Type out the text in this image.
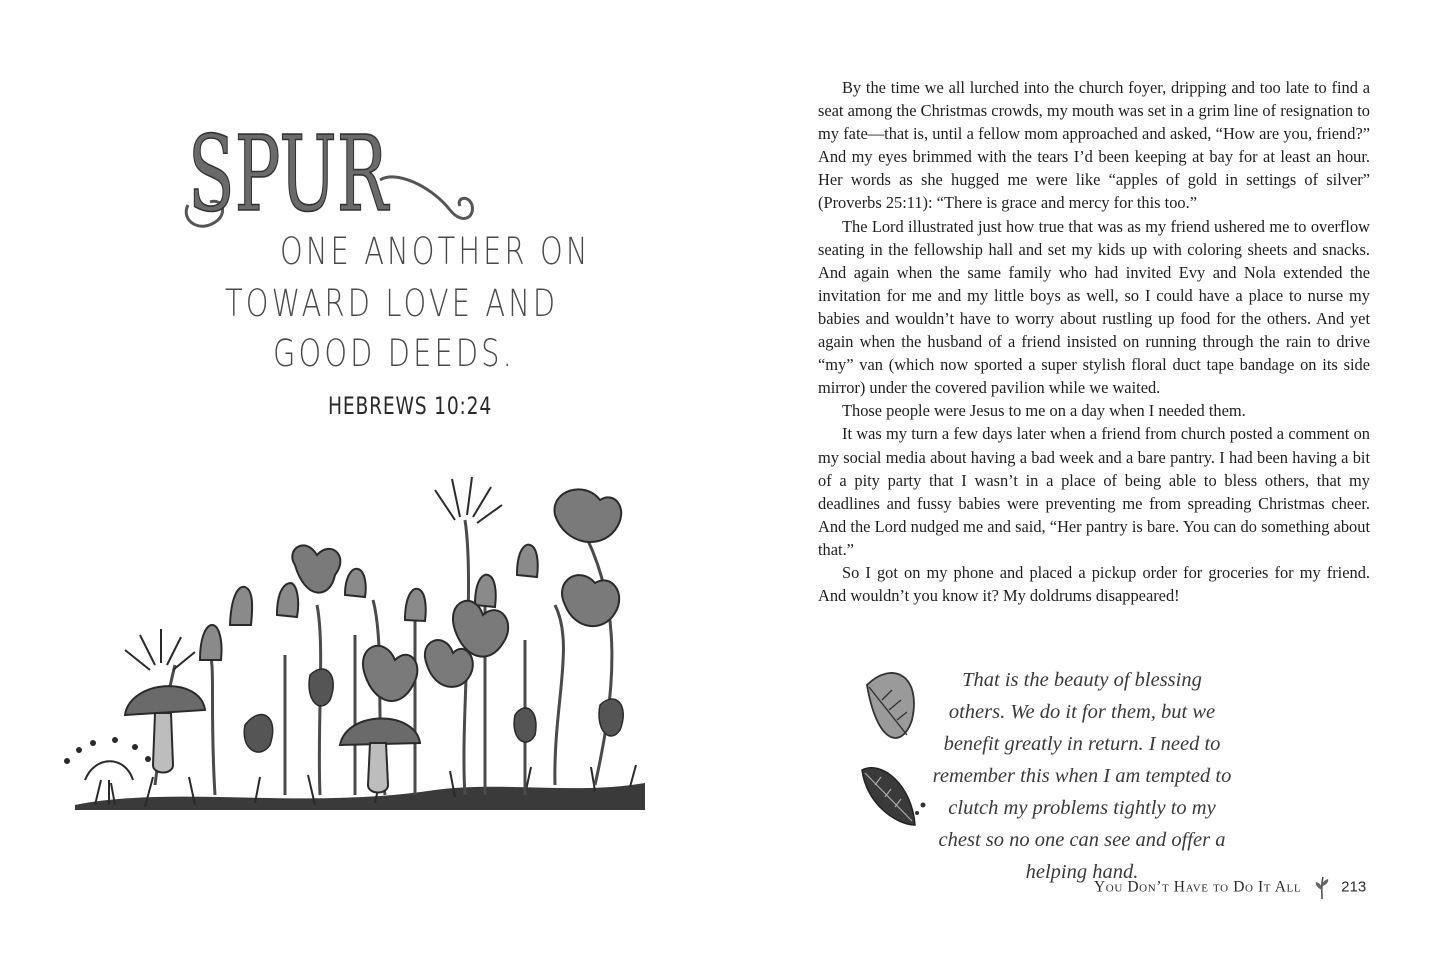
SPUR

ONE ANOTHER ON

TOWARD LOVE AND

GOOD DEEDS.

HEBREWS 10:24

By the time we all lurched into the church foyer, dripping and too late to find a seat among the Christmas crowds, my mouth was set in a grim line of resignation to my fate—that is, until a fellow mom approached and asked, “How are you, friend?” And my eyes brimmed with the tears I’d been keeping at bay for at least an hour. Her words as she hugged me were like “apples of gold in settings of silver” (Proverbs 25:11): “There is grace and mercy for this too.”

The Lord illustrated just how true that was as my friend ushered me to overflow seating in the fellowship hall and set my kids up with coloring sheets and snacks. And again when the same family who had invited Evy and Nola extended the invitation for me and my little boys as well, so I could have a place to nurse my babies and wouldn’t have to worry about rustling up food for the others. And yet again when the husband of a friend insisted on running through the rain to drive “my” van (which now sported a super stylish floral duct tape bandage on its side mirror) under the covered pavilion while we waited.

Those people were Jesus to me on a day when I needed them.

It was my turn a few days later when a friend from church posted a comment on my social media about having a bad week and a bare pantry. I had been having a bit of a pity party that I wasn’t in a place of being able to bless others, that my deadlines and fussy babies were preventing me from spreading Christmas cheer. And the Lord nudged me and said, “Her pantry is bare. You can do something about that.”

So I got on my phone and placed a pickup order for groceries for my friend. And wouldn’t you know it? My doldrums disappeared!

That is the beauty of blessing others. We do it for them, but we benefit greatly in return. I need to remember this when I am tempted to clutch my problems tightly to my chest so no one can see and offer a helping hand.

You Don’t Have to Do It All	213
